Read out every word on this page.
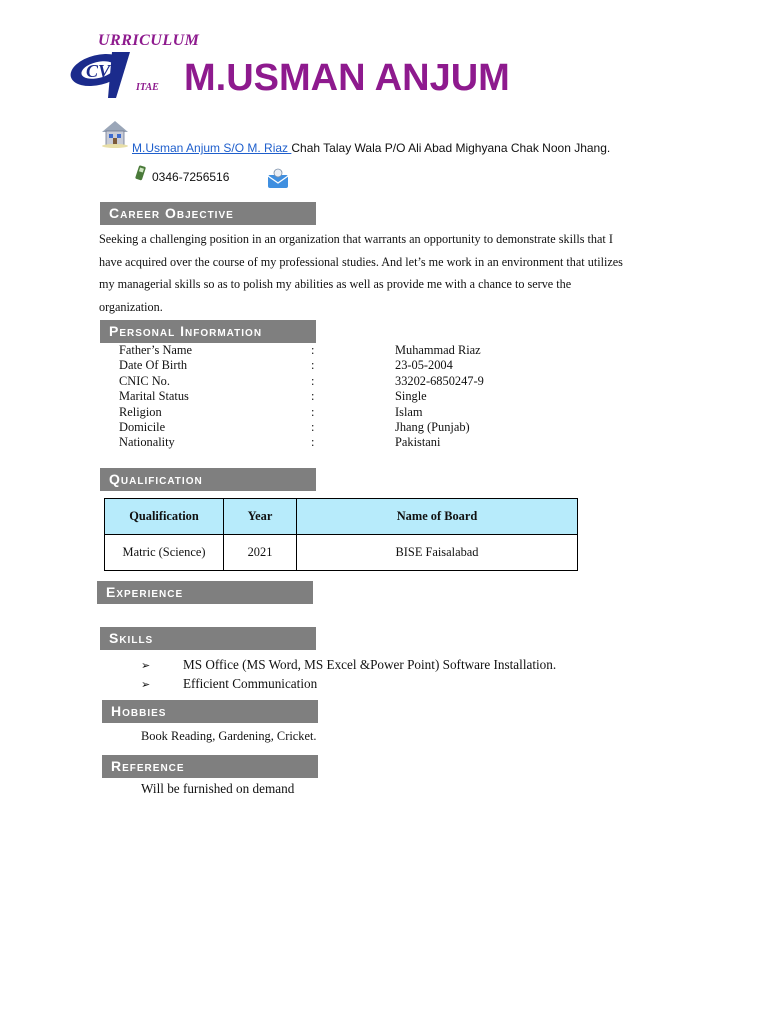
URRICULUM

CV

ITAE M.USMAN ANJUM

M.Usman Anjum S/O M. Riaz Chah Talay Wala P/O Ali Abad Mighyana Chak Noon Jhang.

0346-7256516

Career Objective

Seeking a challenging position in an organization that warrants an opportunity to demonstrate skills that I have acquired over the course of my professional studies. And let’s me work in an environment that utilizes my managerial skills so as to polish my abilities as well as provide me with a chance to serve the organization.

Personal Information
Father’s Name	:	Muhammad Riaz
Date Of Birth	:	23-05-2004
CNIC No.	:	33202-6850247-9
Marital Status	:	Single
Religion	:	Islam
Domicile	:	Jhang (Punjab)
Nationality	:	Pakistani
Qualification
Qualification	Year	Name of Board
Matric (Science)	2021	BISE Faisalabad
Experience
Skills

➢ MS Office (MS Word, MS Excel &Power Point) Software Installation.

➢ Efficient Communication

Hobbies

Book Reading, Gardening, Cricket.

Reference

Will be furnished on demand
